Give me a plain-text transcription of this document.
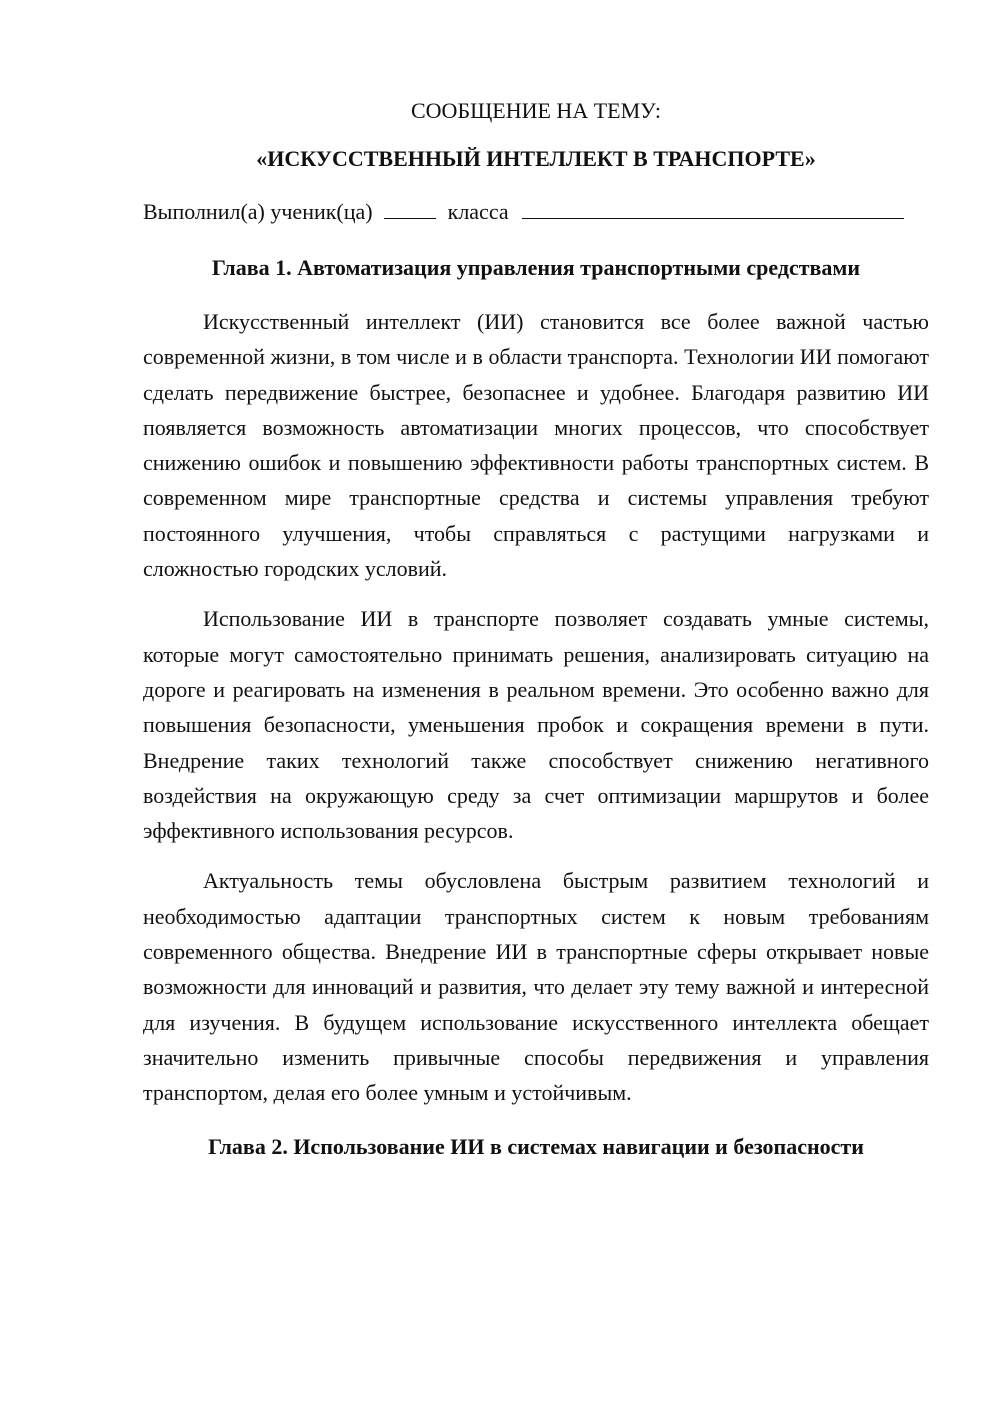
СООБЩЕНИЕ НА ТЕМУ:
«ИСКУССТВЕННЫЙ ИНТЕЛЛЕКТ В ТРАНСПОРТЕ»
Выполнил(а) ученик(ца)	класса
Глава 1. Автоматизация управления транспортными средствами

Искусственный интеллект (ИИ) становится все более важной частью современной жизни, в том числе и в области транспорта. Технологии ИИ помогают сделать передвижение быстрее, безопаснее и удобнее. Благодаря развитию ИИ появляется возможность автоматизации многих процессов, что способствует снижению ошибок и повышению эффективности работы транспортных систем. В современном мире транспортные средства и системы управления требуют постоянного улучшения, чтобы справляться с растущими нагрузками и сложностью городских условий.

Использование ИИ в транспорте позволяет создавать умные системы, которые могут самостоятельно принимать решения, анализировать ситуацию на дороге и реагировать на изменения в реальном времени. Это особенно важно для повышения безопасности, уменьшения пробок и сокращения времени в пути. Внедрение таких технологий также способствует снижению негативного воздействия на окружающую среду за счет оптимизации маршрутов и более эффективного использования ресурсов.

Актуальность темы обусловлена быстрым развитием технологий и необходимостью адаптации транспортных систем к новым требованиям современного общества. Внедрение ИИ в транспортные сферы открывает новые возможности для инноваций и развития, что делает эту тему важной и интересной для изучения. В будущем использование искусственного интеллекта обещает значительно изменить привычные способы передвижения и управления транспортом, делая его более умным и устойчивым.

Глава 2. Использование ИИ в системах навигации и безопасности
